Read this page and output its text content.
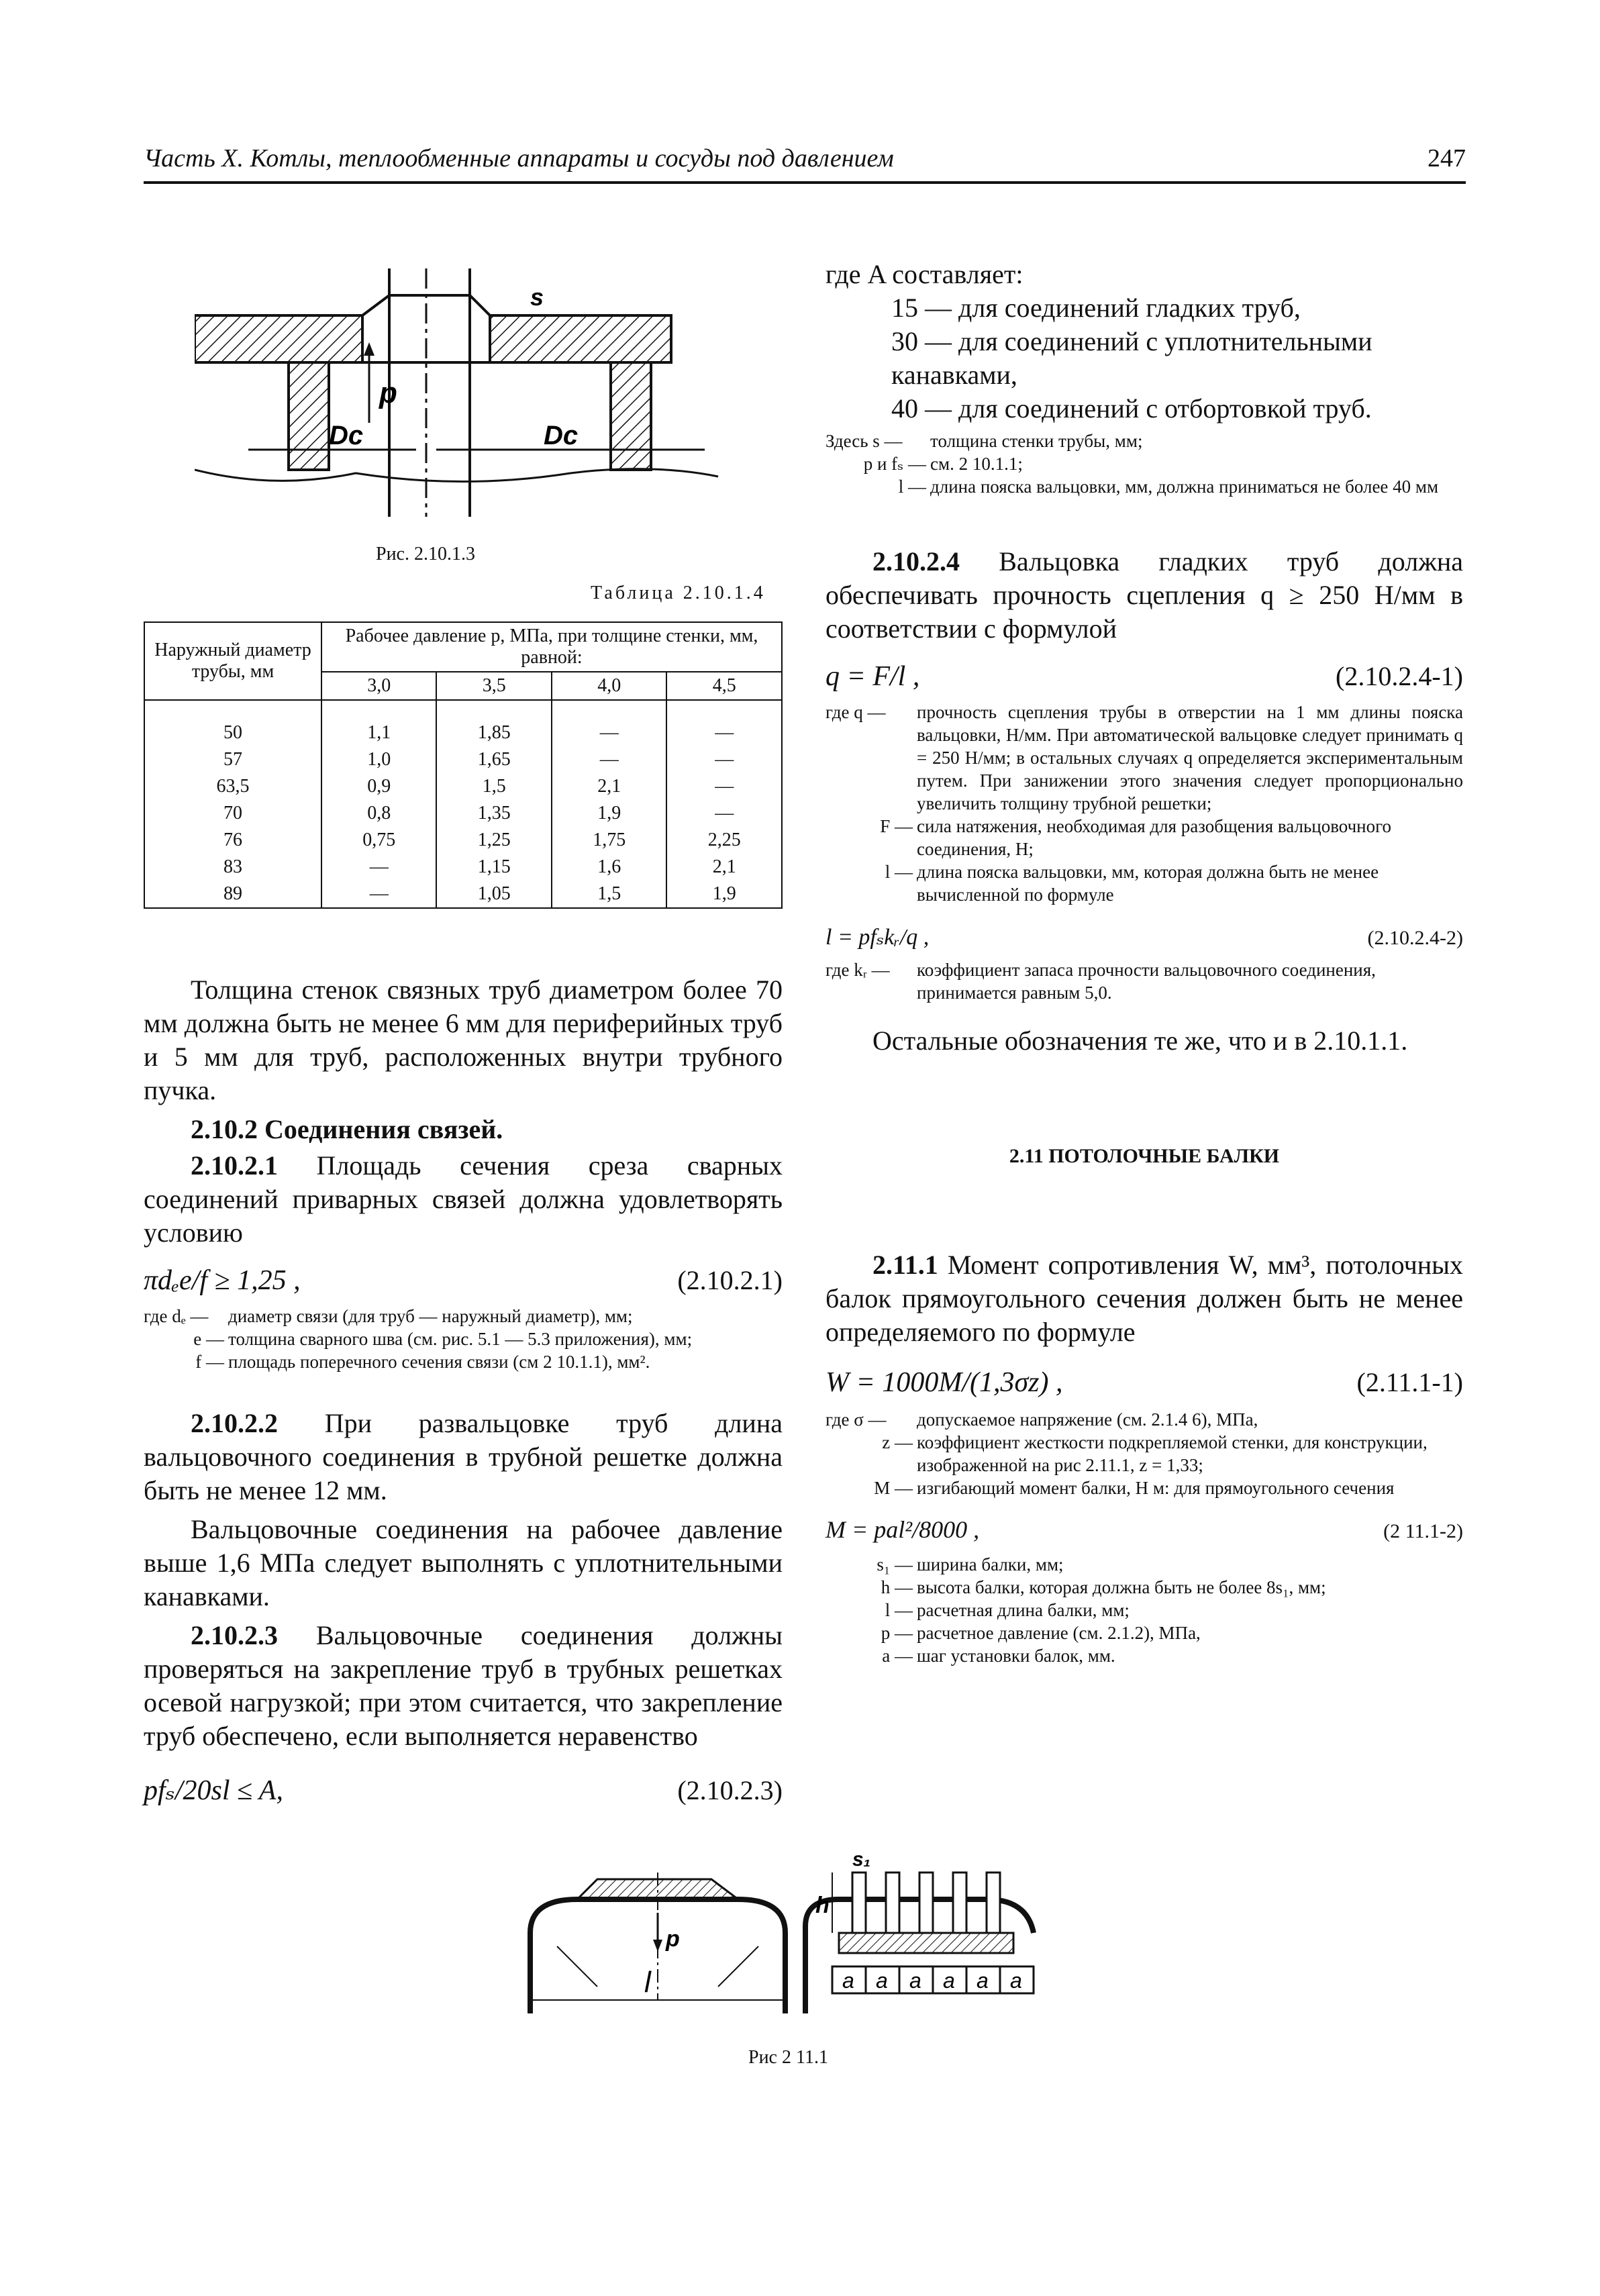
Часть X. Котлы, теплообменные аппараты и сосуды под давлением	247
p
Dc	Dc
s
Рис. 2.10.1.3
Таблица 2.10.1.4
Наружный диаметр трубы, мм	Рабочее давление p, МПа, при толщине стенки, мм, равной:			
	3,0	3,5	4,0	4,5

50	1,1	1,85	—	—
57	1,0	1,65	—	—
63,5	0,9	1,5	2,1	—
70	0,8	1,35	1,9	—
76	0,75	1,25	1,75	2,25
83	—	1,15	1,6	2,1
89	—	1,05	1,5	1,9

Толщина стенок связных труб диаметром более 70 мм должна быть не менее 6 мм для периферийных труб и 5 мм для труб, расположенных внутри трубного пучка.

2.10.2 Соединения связей.

2.10.2.1 Площадь сечения среза сварных соединений приварных связей должна удовлетворять условию

πdₑe/f ≥ 1,25 ,	(2.10.2.1)
где dₑ —	диаметр связи (для труб — наружный диаметр), мм;
e — толщина сварного шва (см. рис. 5.1 — 5.3 приложения), мм;
f — площадь поперечного сечения связи (см 2 10.1.1), мм².

2.10.2.2 При развальцовке труб длина вальцовочного соединения в трубной решетке должна быть не менее 12 мм.

Вальцовочные соединения на рабочее давление выше 1,6 МПа следует выполнять с уплотнительными канавками.

2.10.2.3 Вальцовочные соединения должны проверяться на закрепление труб в трубных решетках осевой нагрузкой; при этом считается, что закрепление труб обеспечено, если выполняется неравенство

pfₛ/20sl ≤ A,	(2.10.2.3)
где A составляет:
15 — для соединений гладких труб,
30 — для соединений с уплотнительными канавками,
40 — для соединений с отбортовкой труб.
Здесь s —	толщина стенки трубы, мм;
p и fₛ — см. 2 10.1.1;
l — длина пояска вальцовки, мм, должна приниматься не более 40 мм

2.10.2.4 Вальцовка гладких труб должна обеспечивать прочность сцепления q ≥ 250 Н/мм в соответствии с формулой

q = F/l ,	(2.10.2.4-1)
где q —	прочность сцепления трубы в отверстии на 1 мм длины пояска вальцовки, Н/мм. При автоматической вальцовке следует принимать q = 250 Н/мм; в остальных случаях q определяется экспериментальным путем. При занижении этого значения следует пропорционально увеличить толщину трубной решетки;
F — сила натяжения, необходимая для разобщения вальцовочного соединения, Н;
l — длина пояска вальцовки, мм, которая должна быть не менее вычисленной по формуле
l = pfₛkᵣ/q ,	(2.10.2.4-2)
где kᵣ —	коэффициент запаса прочности вальцовочного соединения, принимается равным 5,0.

Остальные обозначения те же, что и в 2.10.1.1.

2.11 ПОТОЛОЧНЫЕ БАЛКИ

2.11.1 Момент сопротивления W, мм³, потолочных балок прямоугольного сечения должен быть не менее определяемого по формуле

W = 1000M/(1,3σz) ,	(2.11.1-1)
где σ —	допускаемое напряжение (см. 2.1.4 6), МПа,
z — коэффициент жесткости подкрепляемой стенки, для конструкции, изображенной на рис 2.11.1, z = 1,33;
M — изгибающий момент балки, Н м: для прямоугольного сечения
M = pal²/8000 ,	(2 11.1-2)
s₁ — ширина балки, мм;
h — высота балки, которая должна быть не более 8s₁, мм;
l — расчетная длина балки, мм;
p — расчетное давление (см. 2.1.2), МПа,
a — шаг установки балок, мм.
p
l
h
s₁
a a a a a a
Рис 2 11.1
